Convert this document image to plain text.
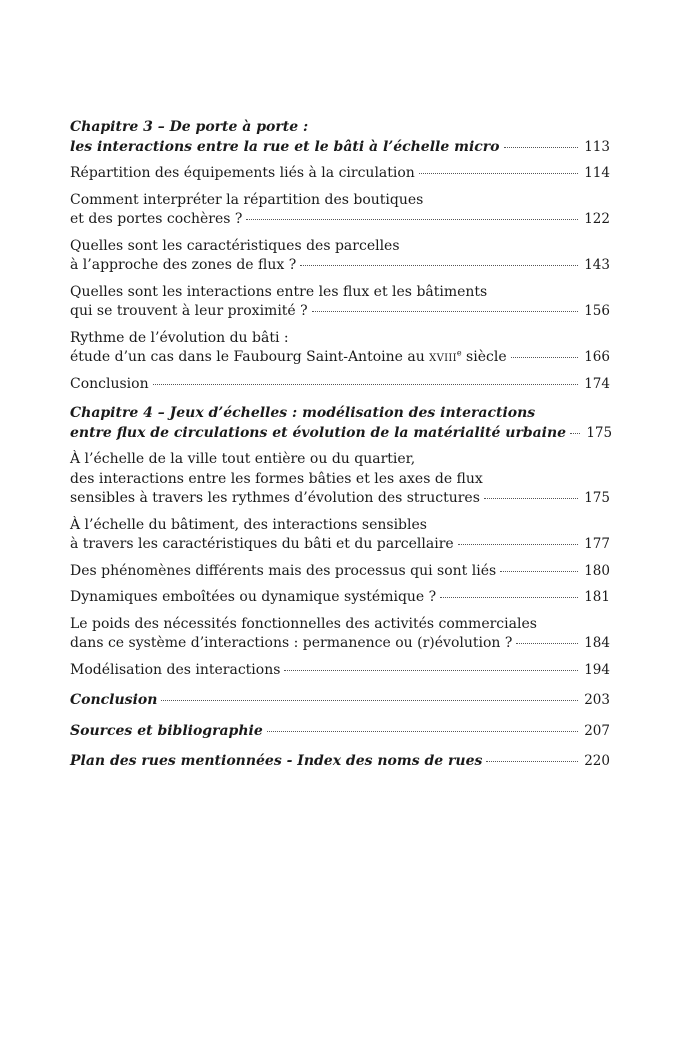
Chapitre 3 – De porte à porte :
les interactions entre la rue et le bâti à l’échelle micro	113
Répartition des équipements liés à la circulation	114
Comment interpréter la répartition des boutiques
et des portes cochères ?	122
Quelles sont les caractéristiques des parcelles
à l’approche des zones de flux ?	143
Quelles sont les interactions entre les flux et les bâtiments
qui se trouvent à leur proximité ?	156
Rythme de l’évolution du bâti :
étude d’un cas dans le Faubourg Saint-Antoine au xviii$^e$ siècle	166
Conclusion	174
Chapitre 4 – Jeux d’échelles : modélisation des interactions
entre flux de circulations et évolution de la matérialité urbaine 175
À l’échelle de la ville tout entière ou du quartier,
des interactions entre les formes bâties et les axes de flux
sensibles à travers les rythmes d’évolution des structures	175
À l’échelle du bâtiment, des interactions sensibles
à travers les caractéristiques du bâti et du parcellaire	177
Des phénomènes différents mais des processus qui sont liés	180
Dynamiques emboîtées ou dynamique systémique ?	181
Le poids des nécessités fonctionnelles des activités commerciales
dans ce système d’interactions : permanence ou (r)évolution ?	184
Modélisation des interactions	194
Conclusion	203
Sources et bibliographie	207
Plan des rues mentionnées - Index des noms de rues	220
